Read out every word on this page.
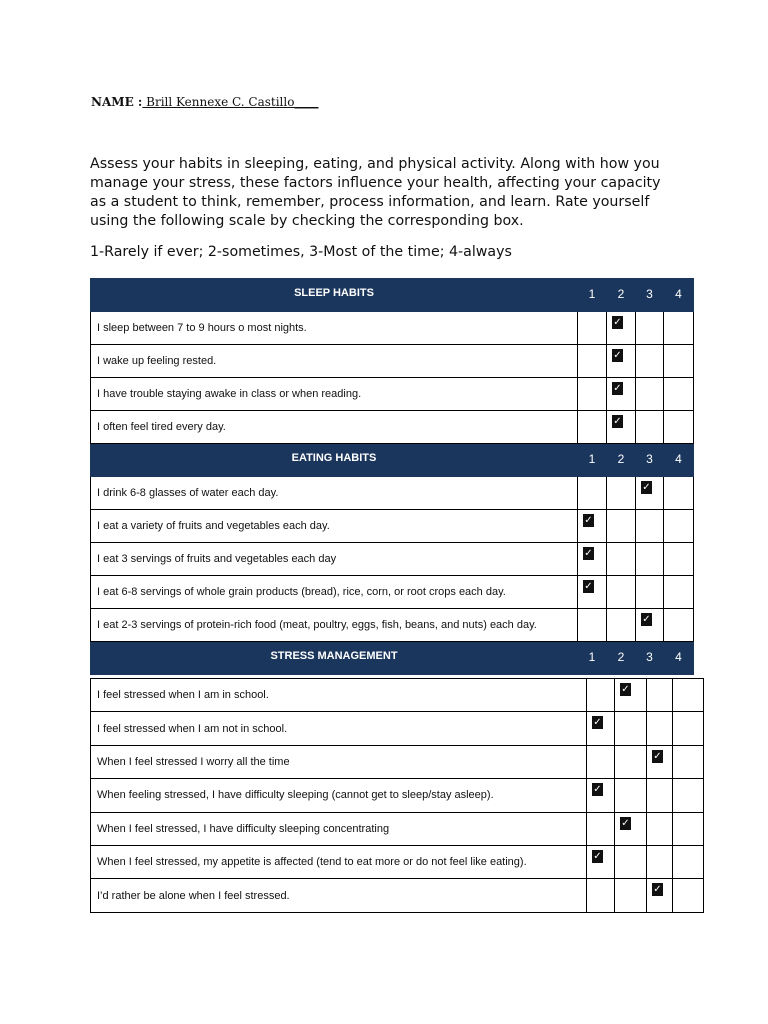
NAME : Brill Kennexe C. Castillo____
Assess your habits in sleeping, eating, and physical activity. Along with how you manage your stress, these factors influence your health, affecting your capacity as a student to think, remember, process information, and learn. Rate yourself using the following scale by checking the corresponding box.
1-Rarely if ever; 2-sometimes, 3-Most of the time; 4-always
SLEEP HABITS	1	2	3	4
I sleep between 7 to 9 hours o most nights.		✓		
I wake up feeling rested.		✓		
I have trouble staying awake in class or when reading.		✓		
I often feel tired every day.		✓		
EATING HABITS	1	2	3	4
I drink 6-8 glasses of water each day.			✓	
I eat a variety of fruits and vegetables each day.	✓			
I eat 3 servings of fruits and vegetables each day	✓			
I eat 6-8 servings of whole grain products (bread), rice, corn, or root crops each day.	✓			
I eat 2-3 servings of protein-rich food (meat, poultry, eggs, fish, beans, and nuts) each day.			✓	
STRESS MANAGEMENT	1	2	3	4
I feel stressed when I am in school.		✓		
I feel stressed when I am not in school.	✓			
When I feel stressed I worry all the time			✓	
When feeling stressed, I have difficulty sleeping (cannot get to sleep/stay asleep).	✓			
When I feel stressed, I have difficulty sleeping concentrating		✓		
When I feel stressed, my appetite is affected (tend to eat more or do not feel like eating).	✓			
I’d rather be alone when I feel stressed.			✓	
